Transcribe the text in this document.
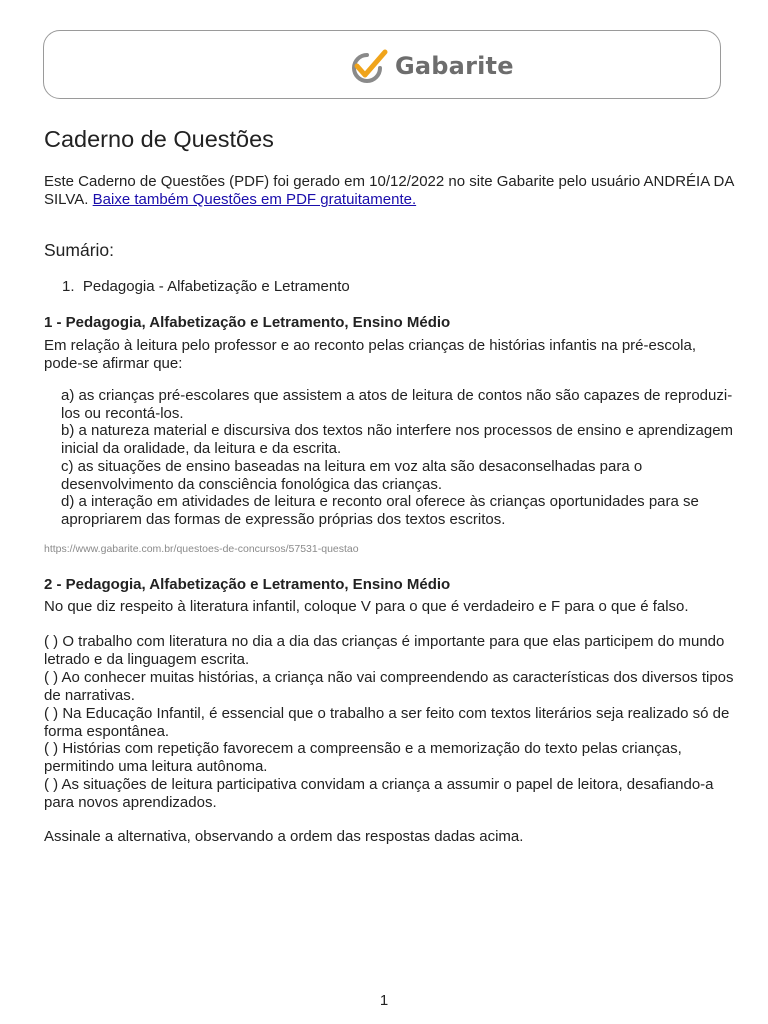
Gabarite
Caderno de Questões

Este Caderno de Questões (PDF) foi gerado em 10/12/2022 no site Gabarite pelo usuário ANDRÉIA DA SILVA. Baixe também Questões em PDF gratuitamente.

Sumário:
1. Pedagogia - Alfabetização e Letramento

1 - Pedagogia, Alfabetização e Letramento, Ensino Médio

Em relação à leitura pelo professor e ao reconto pelas crianças de histórias infantis na pré-escola, pode-se afirmar que:

a) as crianças pré-escolares que assistem a atos de leitura de contos não são capazes de reproduzi-los ou recontá-los.
b) a natureza material e discursiva dos textos não interfere nos processos de ensino e aprendizagem inicial da oralidade, da leitura e da escrita.
c) as situações de ensino baseadas na leitura em voz alta são desaconselhadas para o desenvolvimento da consciência fonológica das crianças.
d) a interação em atividades de leitura e reconto oral oferece às crianças oportunidades para se apropriarem das formas de expressão próprias dos textos escritos.
https://www.gabarite.com.br/questoes-de-concursos/57531-questao

2 - Pedagogia, Alfabetização e Letramento, Ensino Médio

No que diz respeito à literatura infantil, coloque V para o que é verdadeiro e F para o que é falso.

( ) O trabalho com literatura no dia a dia das crianças é importante para que elas participem do mundo letrado e da linguagem escrita.
( ) Ao conhecer muitas histórias, a criança não vai compreendendo as características dos diversos tipos de narrativas.
( ) Na Educação Infantil, é essencial que o trabalho a ser feito com textos literários seja realizado só de forma espontânea.
( ) Histórias com repetição favorecem a compreensão e a memorização do texto pelas crianças, permitindo uma leitura autônoma.
( ) As situações de leitura participativa convidam a criança a assumir o papel de leitora, desafiando-a para novos aprendizados.
Assinale a alternativa, observando a ordem das respostas dadas acima.
1
